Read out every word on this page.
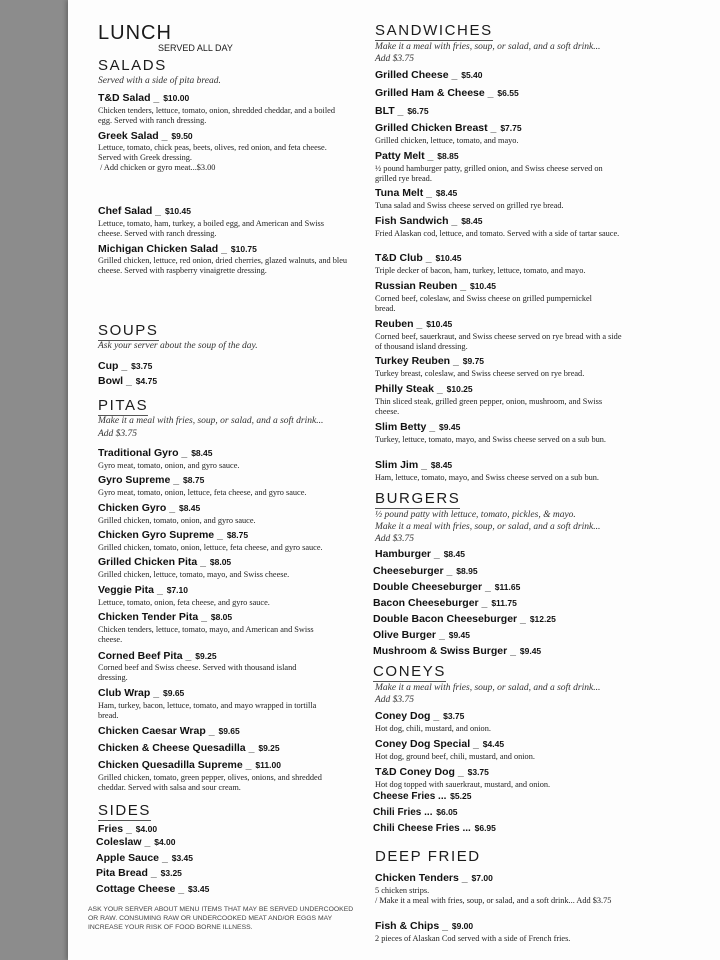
LUNCH
SERVED ALL DAY
SALADS
Served with a side of pita bread.
T&D Salad _ $10.00
Chicken tenders, lettuce, tomato, onion, shredded cheddar, and a boiled egg. Served with ranch dressing.
Greek Salad _ $9.50
Lettuce, tomato, chick peas, beets, olives, red onion, and feta cheese. Served with Greek dressing.
/ Add chicken or gyro meat...$3.00
Chef Salad _ $10.45
Lettuce, tomato, ham, turkey, a boiled egg, and American and Swiss cheese. Served with ranch dressing.
Michigan Chicken Salad _ $10.75
Grilled chicken, lettuce, red onion, dried cherries, glazed walnuts, and bleu cheese. Served with raspberry vinaigrette dressing.
SOUPS
Ask your server about the soup of the day.
Cup _ $3.75
Bowl _ $4.75
PITAS
Make it a meal with fries, soup, or salad, and a soft drink...
Add $3.75
Traditional Gyro _ $8.45
Gyro meat, tomato, onion, and gyro sauce.
Gyro Supreme _ $8.75
Gyro meat, tomato, onion, lettuce, feta cheese, and gyro sauce.
Chicken Gyro _ $8.45
Grilled chicken, tomato, onion, and gyro sauce.
Chicken Gyro Supreme _ $8.75
Grilled chicken, tomato, onion, lettuce, feta cheese, and gyro sauce.
Grilled Chicken Pita _ $8.05
Grilled chicken, lettuce, tomato, mayo, and Swiss cheese.
Veggie Pita _ $7.10
Lettuce, tomato, onion, feta cheese, and gyro sauce.
Chicken Tender Pita _ $8.05
Chicken tenders, lettuce, tomato, mayo, and American and Swiss cheese.
Corned Beef Pita _ $9.25
Corned beef and Swiss cheese. Served with thousand island dressing.
Club Wrap _ $9.65
Ham, turkey, bacon, lettuce, tomato, and mayo wrapped in tortilla bread.
Chicken Caesar Wrap _ $9.65
Chicken & Cheese Quesadilla _ $9.25
Chicken Quesadilla Supreme _ $11.00
Grilled chicken, tomato, green pepper, olives, onions, and shredded cheddar. Served with salsa and sour cream.
SIDES
Fries _ $4.00
Coleslaw _ $4.00
Apple Sauce _ $3.45
Pita Bread _ $3.25
Cottage Cheese _ $3.45
ASK YOUR SERVER ABOUT MENU ITEMS THAT MAY BE SERVED UNDERCOOKED OR RAW. CONSUMING RAW OR UNDERCOOKED MEAT AND/OR EGGS MAY INCREASE YOUR RISK OF FOOD BORNE ILLNESS.
SANDWICHES
Make it a meal with fries, soup, or salad, and a soft drink...
Add $3.75
Grilled Cheese _ $5.40
Grilled Ham & Cheese _ $6.55
BLT _ $6.75
Grilled Chicken Breast _ $7.75
Grilled chicken, lettuce, tomato, and mayo.
Patty Melt _ $8.85
½ pound hamburger patty, grilled onion, and Swiss cheese served on grilled rye bread.
Tuna Melt _ $8.45
Tuna salad and Swiss cheese served on grilled rye bread.
Fish Sandwich _ $8.45
Fried Alaskan cod, lettuce, and tomato. Served with a side of tartar sauce.
T&D Club _ $10.45
Triple decker of bacon, ham, turkey, lettuce, tomato, and mayo.
Russian Reuben _ $10.45
Corned beef, coleslaw, and Swiss cheese on grilled pumpernickel bread.
Reuben _ $10.45
Corned beef, sauerkraut, and Swiss cheese served on rye bread with a side of thousand island dressing.
Turkey Reuben _ $9.75
Turkey breast, coleslaw, and Swiss cheese served on rye bread.
Philly Steak _ $10.25
Thin sliced steak, grilled green pepper, onion, mushroom, and Swiss cheese.
Slim Betty _ $9.45
Turkey, lettuce, tomato, mayo, and Swiss cheese served on a sub bun.
Slim Jim _ $8.45
Ham, lettuce, tomato, mayo, and Swiss cheese served on a sub bun.
BURGERS
½ pound patty with lettuce, tomato, pickles, & mayo.
Make it a meal with fries, soup, or salad, and a soft drink...
Add $3.75
Hamburger _ $8.45
Cheeseburger _ $8.95
Double Cheeseburger _ $11.65
Bacon Cheeseburger _ $11.75
Double Bacon Cheeseburger _ $12.25
Olive Burger _ $9.45
Mushroom & Swiss Burger _ $9.45
CONEYS
Make it a meal with fries, soup, or salad, and a soft drink...
Add $3.75
Coney Dog _ $3.75
Hot dog, chili, mustard, and onion.
Coney Dog Special _ $4.45
Hot dog, ground beef, chili, mustard, and onion.
T&D Coney Dog _ $3.75
Hot dog topped with sauerkraut, mustard, and onion.
Cheese Fries ... $5.25
Chili Fries ... $6.05
Chili Cheese Fries ... $6.95
DEEP FRIED
Chicken Tenders _ $7.00
5 chicken strips.
/ Make it a meal with fries, soup, or salad, and a soft drink... Add $3.75
Fish & Chips _ $9.00
2 pieces of Alaskan Cod served with a side of French fries.
